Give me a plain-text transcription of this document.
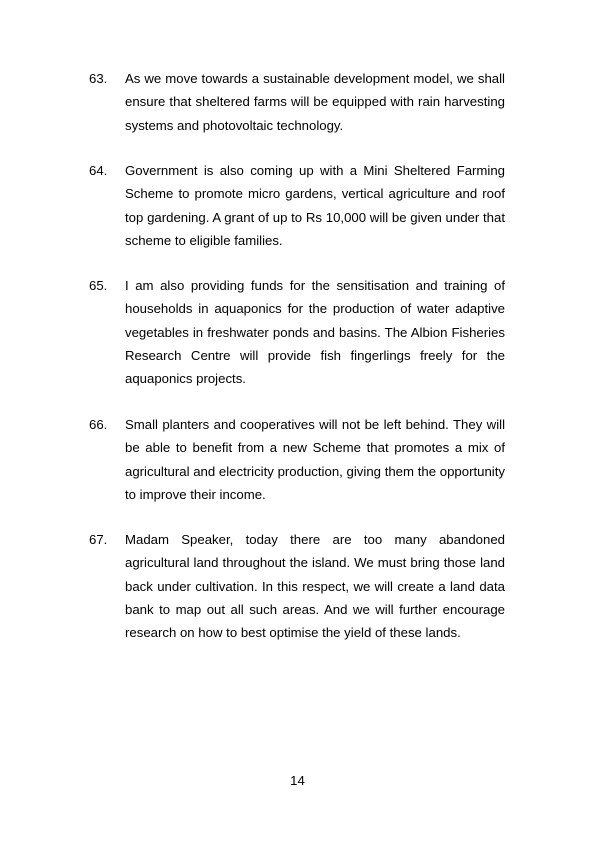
63.	As we move towards a sustainable development model, we shall ensure that sheltered farms will be equipped with rain harvesting systems and photovoltaic technology.
64.	Government is also coming up with a Mini Sheltered Farming Scheme to promote micro gardens, vertical agriculture and roof top gardening. A grant of up to Rs 10,000 will be given under that scheme to eligible families.
65.	I am also providing funds for the sensitisation and training of households in aquaponics for the production of water adaptive vegetables in freshwater ponds and basins. The Albion Fisheries Research Centre will provide fish fingerlings freely for the aquaponics projects.
66.	Small planters and cooperatives will not be left behind. They will be able to benefit from a new Scheme that promotes a mix of agricultural and electricity production, giving them the opportunity to improve their income.
67.	Madam Speaker, today there are too many abandoned agricultural land throughout the island. We must bring those land back under cultivation. In this respect, we will create a land data bank to map out all such areas. And we will further encourage research on how to best optimise the yield of these lands.
14
